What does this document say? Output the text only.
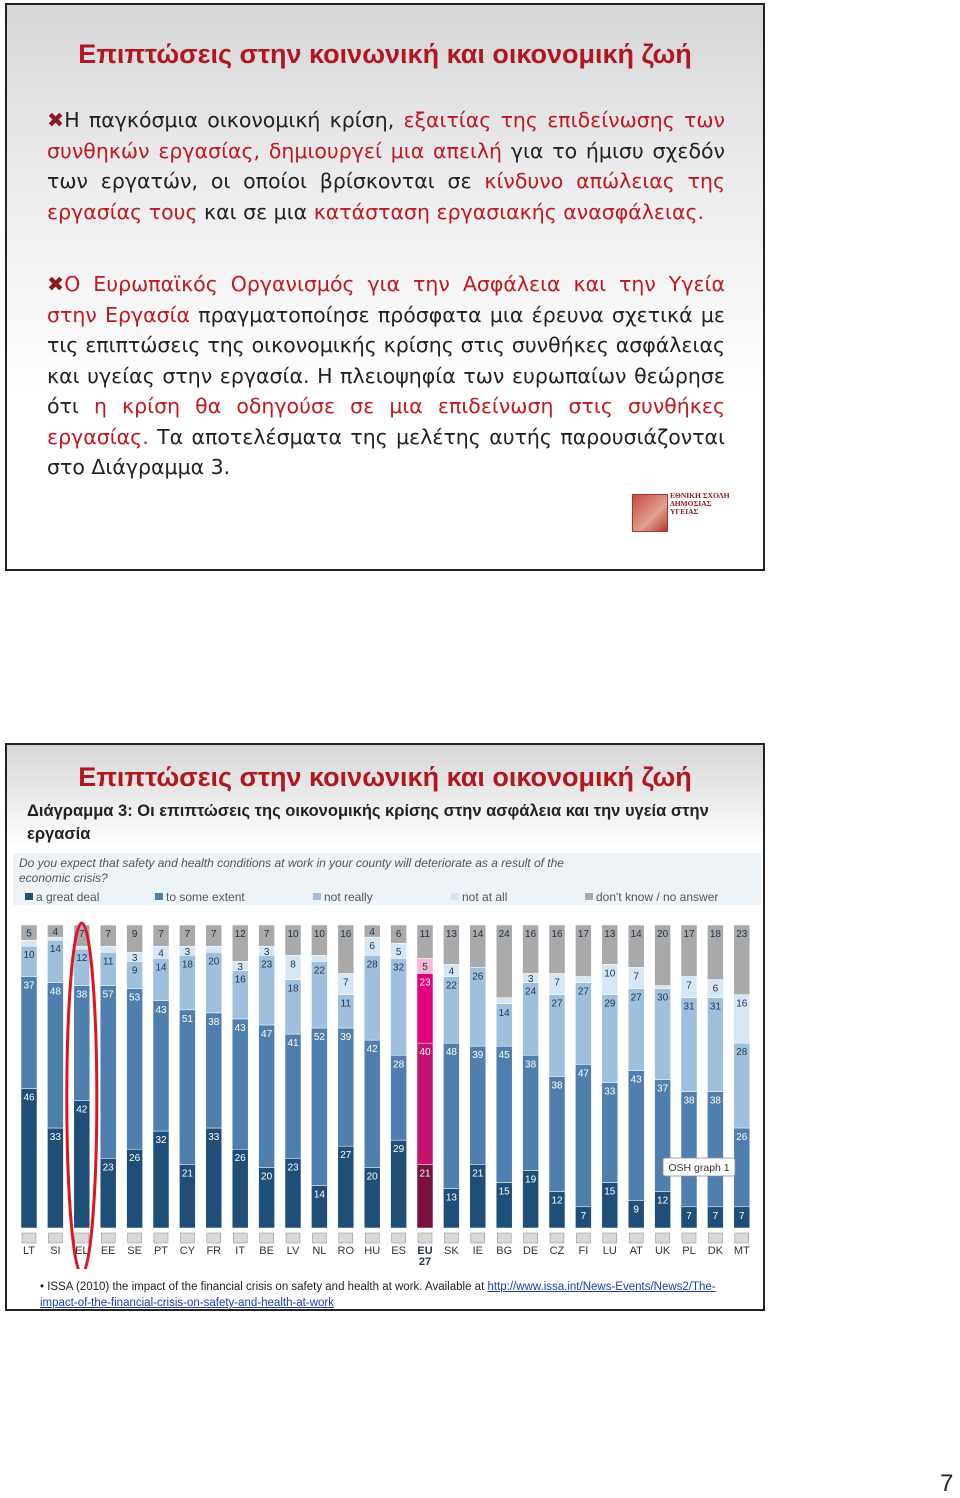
Επιπτώσεις στην κοινωνική και οικονομική ζωή
✖Η παγκόσμια οικονομική κρίση, εξαιτίας της επιδείνωσης των συνθηκών εργασίας, δημιουργεί μια απειλή για το ήμισυ σχεδόν των εργατών, οι οποίοι βρίσκονται σε κίνδυνο απώλειας της εργασίας τους και σε μια κατάσταση εργασιακής ανασφάλειας.
✖Ο Ευρωπαϊκός Οργανισμός για την Ασφάλεια και την Υγεία στην Εργασία πραγματοποίησε πρόσφατα μια έρευνα σχετικά με τις επιπτώσεις της οικονομικής κρίσης στις συνθήκες ασφάλειας και υγείας στην εργασία. Η πλειοψηφία των ευρωπαίων θεώρησε ότι η κρίση θα οδηγούσε σε μια επιδείνωση στις συνθήκες εργασίας. Τα αποτελέσματα της μελέτης αυτής παρουσιάζονται στο Διάγραμμα 3.
ΕΘΝΙΚΗ ΣΧΟΛΗ ΔΗΜΟΣΙΑΣ ΥΓΕΙΑΣ
Επιπτώσεις στην κοινωνική και οικονομική ζωή
Διάγραμμα 3: Οι επιπτώσεις της οικονομικής κρίσης στην ασφάλεια και την υγεία στην εργασία
Do you expect that safety and health conditions at work in your county will deteriorate as a result of the
economic crisis?
a great deal	to some extent	not really	not at all	don't know / no answer
46
37
10
5
LT
33
48
14
4
SI
42
38
12
7
EL
23
57
11
7
EE
26
53
9
3
9
SE
32
43
14
4
7
PT
21
51
18
3
7
CY
33
38
20
7
FR
26
43
16
3
12
IT
20
47
23
3
7
BE
23
41
18
8
10
LV
14
52
22
10
NL
27
39
11
7
16
RO
20
42
28
6
4
HU
29
28
32
5
6
ES
21
40
23
5
11
EU
27
13
48
22
4
13
SK
21
39
26
14
IE
15
45
14
24
BG
19
38
24
3
16
DE
12
38
27
7
16
CZ
7
47
27
17
FI
15
33
29
10
13
LU
9
43
27
7
14
AT
12
37
30
20
UK
7
38
31
7
17
PL
7
38
31
6
18
DK
7
26
28
16
23
MT
OSH graph 1
• ISSA (2010) the impact of the financial crisis on safety and health at work. Available at http://www.issa.int/News-Events/News2/The-impact-of-the-financial-crisis-on-safety-and-health-at-work
7
